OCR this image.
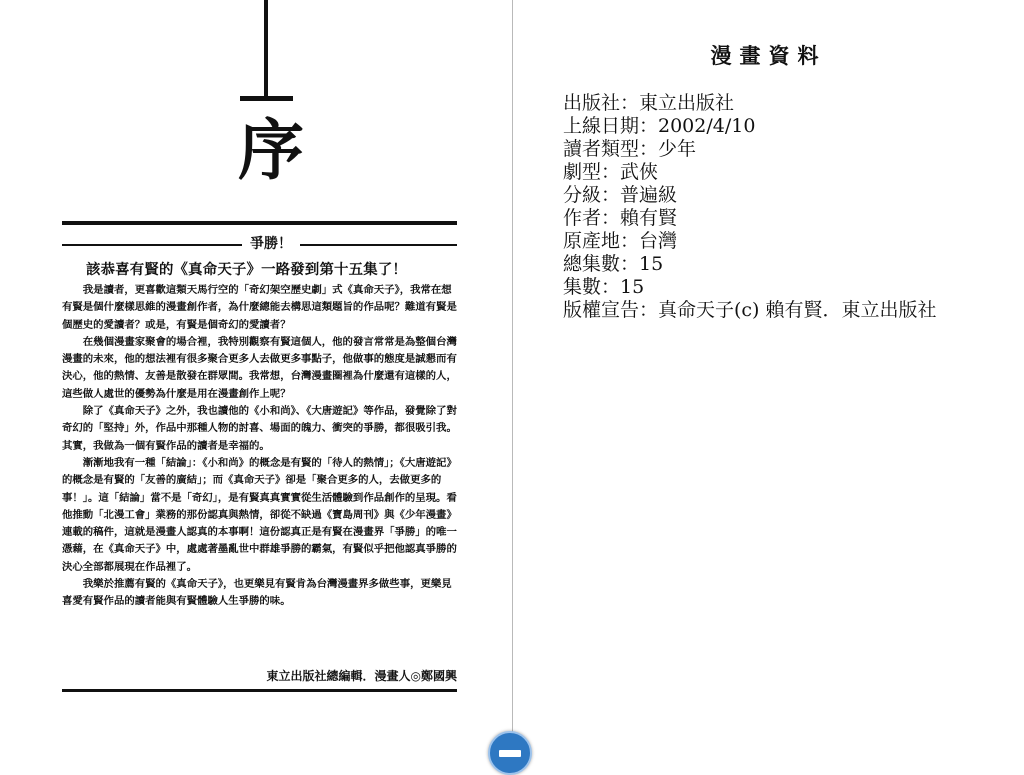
序
爭勝！
該恭喜有賢的《真命天子》一路發到第十五集了！

我是讀者，更喜歡這類天馬行空的「奇幻架空歷史劇」式《真命天子》，我常在想有賢是個什麼樣思維的漫畫創作者，為什麼總能去構思這類題旨的作品呢？難道有賢是個歷史的愛讀者？或是，有賢是個奇幻的愛讀者？

在幾個漫畫家聚會的場合裡，我特別觀察有賢這個人，他的發言常常是為整個台灣漫畫的未來，他的想法裡有很多聚合更多人去做更多事點子，他做事的態度是誠懇而有決心，他的熱情、友善是散發在群眾間。我常想，台灣漫畫圈裡為什麼還有這樣的人，這些做人處世的優勢為什麼是用在漫畫創作上呢？

除了《真命天子》之外，我也讀他的《小和尚》、《大唐遊記》等作品，發覺除了對奇幻的「堅持」外，作品中那種人物的討喜、場面的魄力、衝突的爭勝，都很吸引我。其實，我做為一個有賢作品的讀者是幸福的。

漸漸地我有一種「結論」：《小和尚》的概念是有賢的「待人的熱情」；《大唐遊記》的概念是有賢的「友善的廣結」；而《真命天子》卻是「聚合更多的人，去做更多的事！」。這「結論」當不是「奇幻」，是有賢真真實實從生活體驗到作品創作的呈現。看他推動「北漫工會」業務的那份認真與熱情，卻從不缺過《寶島周刊》與《少年漫畫》連載的稿件，這就是漫畫人認真的本事啊！這份認真正是有賢在漫畫界「爭勝」的唯一憑藉，在《真命天子》中，處處著墨亂世中群雄爭勝的霸氣，有賢似乎把他認真爭勝的決心全部都展現在作品裡了。

我樂於推薦有賢的《真命天子》，也更樂見有賢肯為台灣漫畫界多做些事，更樂見喜愛有賢作品的讀者能與有賢體驗人生爭勝的味。

東立出版社總編輯．漫畫人◎鄭國興
漫畫資料
出版社：東立出版社
上線日期：2002/4/10
讀者類型：少年
劇型：武俠
分級：普遍級
作者：賴有賢
原產地：台灣
總集數：15
集數：15
版權宣告：真命天子(c) 賴有賢．東立出版社
